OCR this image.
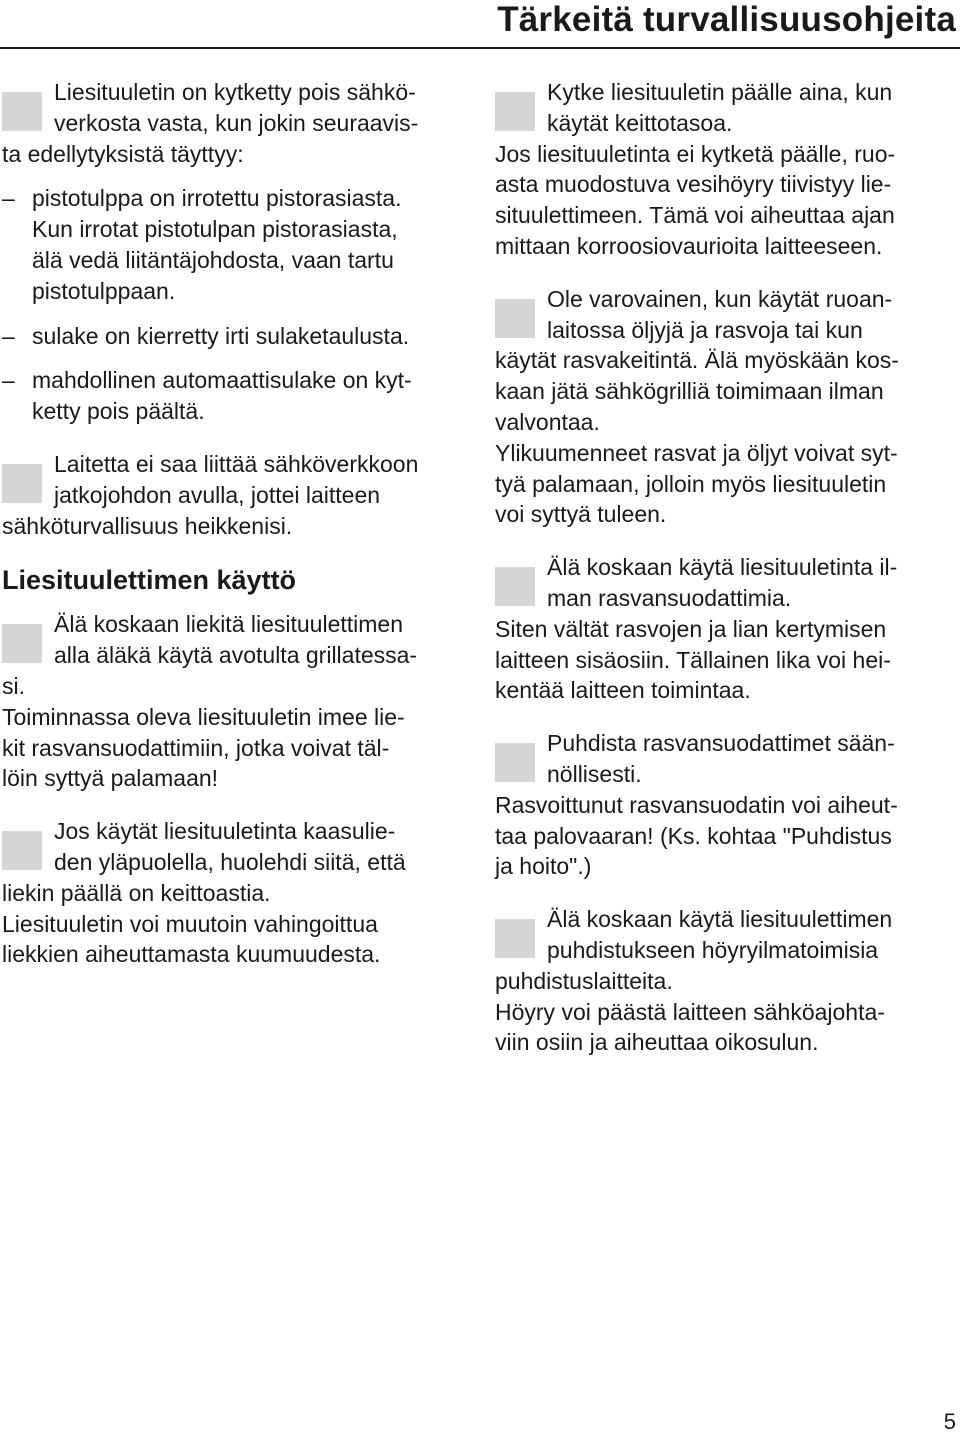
Tärkeitä turvallisuusohjeita
Liesituuletin on kytketty pois sähkö-
verkosta vasta, kun jokin seuraavis-
ta edellytyksistä täyttyy:
– pistotulppa on irrotettu pistorasiasta.
Kun irrotat pistotulpan pistorasiasta,
älä vedä liitäntäjohdosta, vaan tartu
pistotulppaan.
– sulake on kierretty irti sulaketaulusta.
– mahdollinen automaattisulake on kyt-
ketty pois päältä.
Laitetta ei saa liittää sähköverkkoon
jatkojohdon avulla, jottei laitteen
sähköturvallisuus heikkenisi.
Liesituulettimen käyttö
Älä koskaan liekitä liesituulettimen
alla äläkä käytä avotulta grillatessa-
si.
Toiminnassa oleva liesituuletin imee lie-
kit rasvansuodattimiin, jotka voivat täl-
löin syttyä palamaan!
Jos käytät liesituuletinta kaasulie-
den yläpuolella, huolehdi siitä, että
liekin päällä on keittoastia.
Liesituuletin voi muutoin vahingoittua
liekkien aiheuttamasta kuumuudesta.
Kytke liesituuletin päälle aina, kun
käytät keittotasoa.
Jos liesituuletinta ei kytketä päälle, ruo-
asta muodostuva vesihöyry tiivistyy lie-
situulettimeen. Tämä voi aiheuttaa ajan
mittaan korroosiovaurioita laitteeseen.
Ole varovainen, kun käytät ruoan-
laitossa öljyjä ja rasvoja tai kun
käytät rasvakeitintä. Älä myöskään kos-
kaan jätä sähkögrilliä toimimaan ilman
valvontaa.
Ylikuumenneet rasvat ja öljyt voivat syt-
tyä palamaan, jolloin myös liesituuletin
voi syttyä tuleen.
Älä koskaan käytä liesituuletinta il-
man rasvansuodattimia.
Siten vältät rasvojen ja lian kertymisen
laitteen sisäosiin. Tällainen lika voi hei-
kentää laitteen toimintaa.
Puhdista rasvansuodattimet sään-
nöllisesti.
Rasvoittunut rasvansuodatin voi aiheut-
taa palovaaran! (Ks. kohtaa "Puhdistus
ja hoito".)
Älä koskaan käytä liesituulettimen
puhdistukseen höyryilmatoimisia
puhdistuslaitteita.
Höyry voi päästä laitteen sähköajohta-
viin osiin ja aiheuttaa oikosulun.
5
